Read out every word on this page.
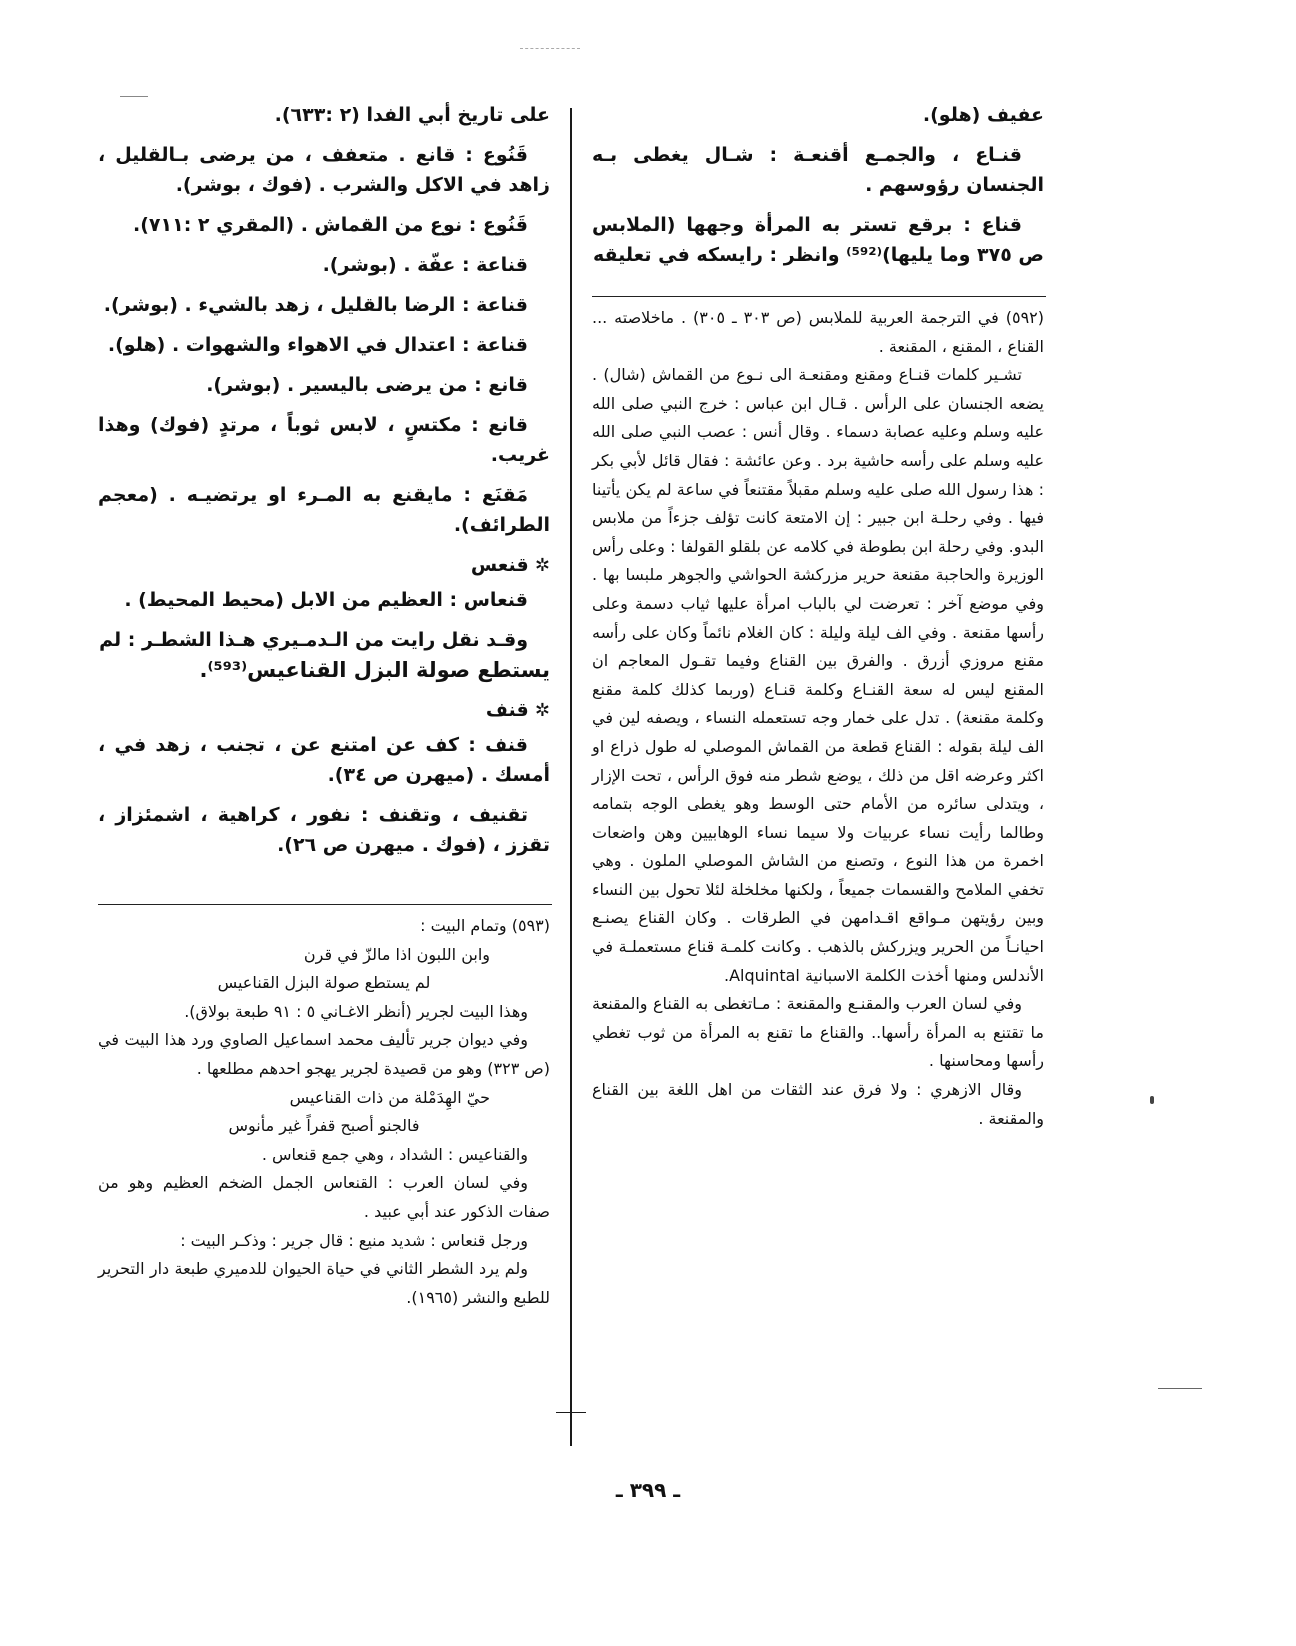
عفيف (هلو).

قنـاع ، والجمـع أقنعـة : شـال يغطى بـه الجنسان رؤوسهم .

قناع : برقع تستر به المرأة وجهها (الملابس ص ٣٧٥ وما يليها)⁽⁵⁹²⁾ وانظر : رايسكه في تعليقه

(٥٩٢) في الترجمة العربية للملابس (ص ٣٠٣ ـ ٣٠٥) . ماخلاصته ... القناع ، المقنع ، المقنعة .

تشـير كلمات قنـاع ومقنع ومقنعـة الى نـوع من القماش (شال) . يضعه الجنسان على الرأس . قـال ابن عباس : خرج النبي صلى الله عليه وسلم وعليه عصابة دسماء . وقال أنس : عصب النبي صلى الله عليه وسلم على رأسه حاشية برد . وعن عائشة : فقال قائل لأبي بكر : هذا رسول الله صلى عليه وسلم مقبلاً مقتنعاً في ساعة لم يكن يأتينا فيها . وفي رحلـة ابن جبير : إن الامتعة كانت تؤلف جزءاً من ملابس البدو. وفي رحلة ابن بطوطة في كلامه عن بلقلو القولفا : وعلى رأس الوزيرة والحاجبة مقنعة حرير مزركشة الحواشي والجوهر ملبسا بها . وفي موضع آخر : تعرضت لي بالباب امرأة عليها ثياب دسمة وعلى رأسها مقنعة . وفي الف ليلة وليلة : كان الغلام نائماً وكان على رأسه مقنع مروزي أزرق . والفرق بين القناع وفيما تقـول المعاجم ان المقنع ليس له سعة القنـاع وكلمة قنـاع (وربما كذلك كلمة مقنع وكلمة مقنعة) . تدل على خمار وجه تستعمله النساء ، ويصفه لين في الف ليلة بقوله : القناع قطعة من القماش الموصلي له طول ذراع او اكثر وعرضه اقل من ذلك ، يوضع شطر منه فوق الرأس ، تحت الإزار ، ويتدلى سائره من الأمام حتى الوسط وهو يغطى الوجه بتمامه وطالما رأيت نساء عربيات ولا سيما نساء الوهابيين وهن واضعات اخمرة من هذا النوع ، وتصنع من الشاش الموصلي الملون . وهي تخفي الملامح والقسمات جميعاً ، ولكنها مخلخلة لئلا تحول بين النساء وبين رؤيتهن مـواقع اقـدامهن في الطرقات . وكان القناع يصنـع احيانـاً من الحرير ويزركش بالذهب . وكانت كلمـة قناع مستعملـة في الأندلس ومنها أخذت الكلمة الاسبانية Alquintal.

وفي لسان العرب والمقنـع والمقنعة : مـاتغطى به القناع والمقنعة ما تقتنع به المرأة رأسها.. والقناع ما تقنع به المرأة من ثوب تغطي رأسها ومحاسنها .

وقال الازهري : ولا فرق عند الثقات من اهل اللغة بين القناع والمقنعة .

على تاريخ أبي الفدا (٢ :٦٣٣).

قَنُوع : قانع . متعفف ، من يرضى بـالقليل ، زاهد في الاكل والشرب . (فوك ، بوشر).

قَنُوع : نوع من القماش . (المقري ٢ :٧١١).

قناعة : عفّة . (بوشر).

قناعة : الرضا بالقليل ، زهد بالشيء . (بوشر).

قناعة : اعتدال في الاهواء والشهوات . (هلو).

قانع : من يرضى باليسير . (بوشر).

قانع : مكتسٍ ، لابس ثوباً ، مرتدٍ (فوك) وهذا غريب.

مَقنَع : مايقنع به المـرء او يرتضيـه . (معجم الطرائف).

✲ قنعس

قنعاس : العظيم من الابل (محيط المحيط) .

وقـد نقل رايت من الـدمـيري هـذا الشطـر : لم

يستطع صولة البزل القناعيس⁽⁵⁹³⁾.

✲ قنف

قنف : كف عن امتنع عن ، تجنب ، زهد في ، أمسك . (ميهرن ص ٣٤).

تقنيف ، وتقنف : نفور ، كراهية ، اشمئزاز ، تقزز ، (فوك . ميهرن ص ٢٦).

(٥٩٣) وتمام البيت :

وابن اللبون اذا مالزّ في قرن

لم يستطع صولة البزل القناعيس

وهذا البيت لجرير (أنظر الاغـاني ٥ : ٩١ طبعة بولاق).

وفي ديوان جرير تأليف محمد اسماعيل الصاوي ورد هذا البيت في (ص ٣٢٣) وهو من قصيدة لجرير يهجو احدهم مطلعها .

حيّ الهِدَمْلة من ذات القناعيس

فالجنو أصبح قفراً غير مأنوس

والقناعيس : الشداد ، وهي جمع قنعاس .

وفي لسان العرب : القنعاس الجمل الضخم العظيم وهو من صفات الذكور عند أبي عبيد .

ورجل قنعاس : شديد منيع : قال جرير : وذكـر البيت :

ولم يرد الشطر الثاني في حياة الحيوان للدميري طبعة دار التحرير للطبع والنشر (١٩٦٥).

ـ ٣٩٩ ـ
